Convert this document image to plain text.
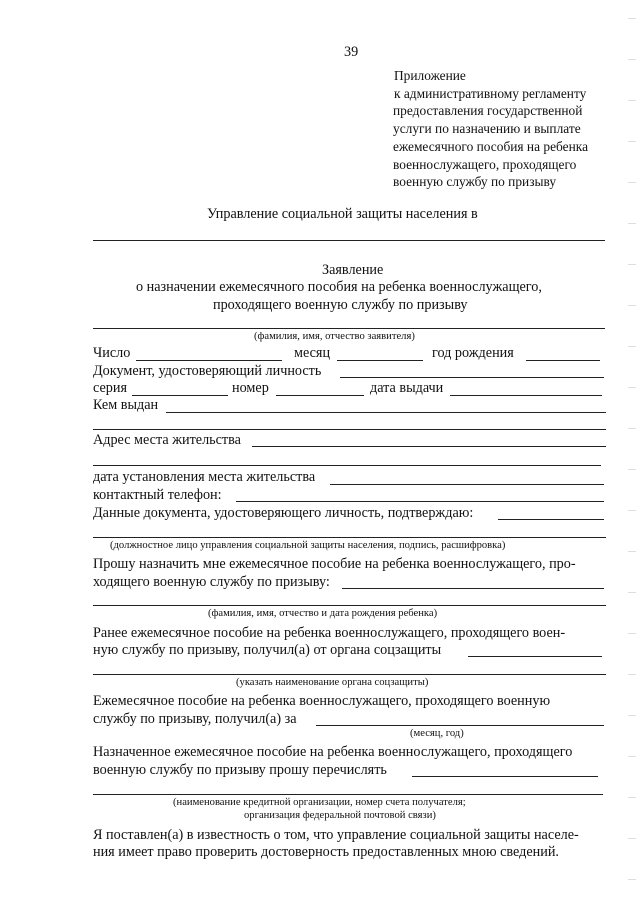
39
Приложение
к административному регламенту
предоставления государственной
услуги по назначению и выплате
ежемесячного пособия на ребенка
военнослужащего, проходящего
военную службу по призыву
Управление социальной защиты населения в
Заявление
о назначении ежемесячного пособия на ребенка военнослужащего,
проходящего военную службу по призыву
(фамилия, имя, отчество заявителя)
Число	месяц	год рождения
Документ, удостоверяющий личность
серия	номер	дата выдачи
Кем выдан
Адрес места жительства
дата установления места жительства
контактный телефон:
Данные документа, удостоверяющего личность, подтверждаю:
(должностное лицо управления социальной защиты населения, подпись, расшифровка)
Прошу назначить мне ежемесячное пособие на ребенка военнослужащего, про-
ходящего военную службу по призыву:
(фамилия, имя, отчество и дата рождения ребенка)
Ранее ежемесячное пособие на ребенка военнослужащего, проходящего воен-
ную службу по призыву, получил(а) от органа соцзащиты
(указать наименование органа соцзащиты)
Ежемесячное пособие на ребенка военнослужащего, проходящего военную
службу по призыву, получил(а) за
(месяц, год)
Назначенное ежемесячное пособие на ребенка военнослужащего, проходящего
военную службу по призыву прошу перечислять
(наименование кредитной организации, номер счета получателя;
организация федеральной почтовой связи)
Я поставлен(а) в известность о том, что управление социальной защиты населе-
ния имеет право проверить достоверность предоставленных мною сведений.
